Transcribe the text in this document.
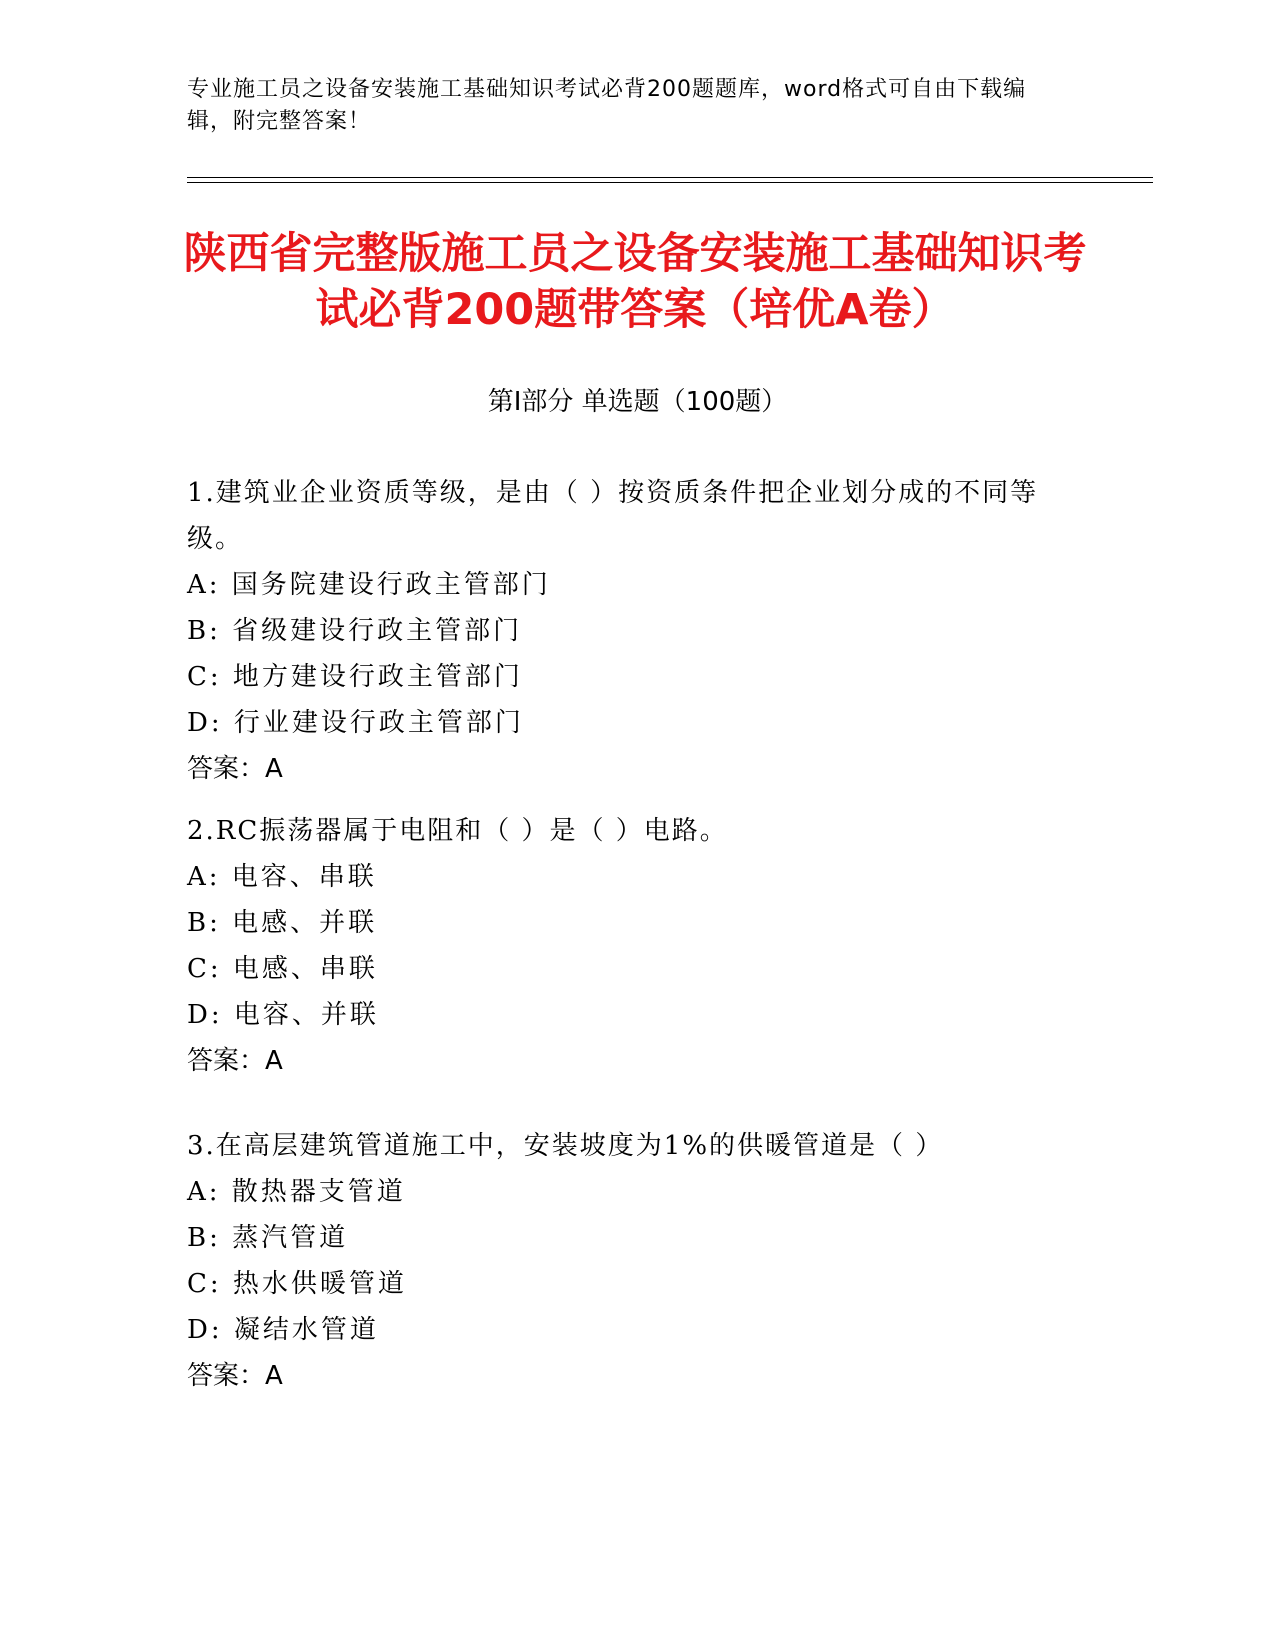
专业施工员之设备安装施工基础知识考试必背200题题库，word格式可自由下载编辑，附完整答案！
陕西省完整版施工员之设备安装施工基础知识考试必背200题带答案（培优A卷）
第I部分 单选题（100题）

1.建筑业企业资质等级，是由（ ）按资质条件把企业划分成的不同等级。

A: 国务院建设行政主管部门

B: 省级建设行政主管部门

C: 地方建设行政主管部门

D: 行业建设行政主管部门

答案：A

2.RC振荡器属于电阻和（ ）是（ ）电路。

A: 电容、串联

B: 电感、并联

C: 电感、串联

D: 电容、并联

答案：A

3.在高层建筑管道施工中，安装坡度为1%的供暖管道是（ ）

A: 散热器支管道

B: 蒸汽管道

C: 热水供暖管道

D: 凝结水管道

答案：A
